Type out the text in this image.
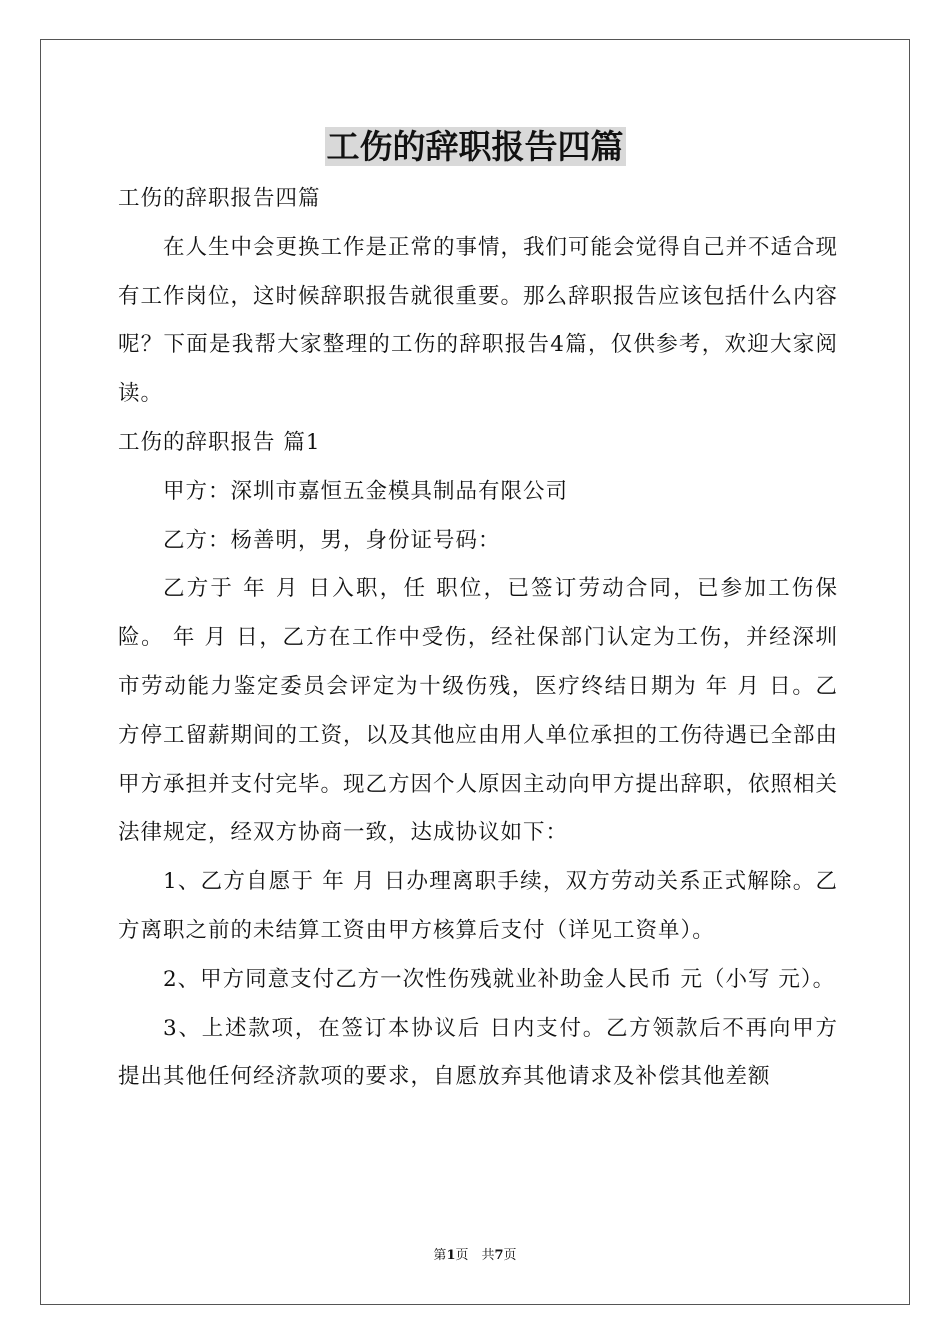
工伤的辞职报告四篇

工伤的辞职报告四篇

在人生中会更换工作是正常的事情，我们可能会觉得自己并不适合现有工作岗位，这时候辞职报告就很重要。那么辞职报告应该包括什么内容呢？下面是我帮大家整理的工伤的辞职报告4篇，仅供参考，欢迎大家阅读。

工伤的辞职报告 篇1

甲方：深圳市嘉恒五金模具制品有限公司

乙方：杨善明，男，身份证号码：

乙方于 年 月 日入职，任 职位，已签订劳动合同，已参加工伤保险。 年 月 日，乙方在工作中受伤，经社保部门认定为工伤，并经深圳市劳动能力鉴定委员会评定为十级伤残，医疗终结日期为 年 月 日。乙方停工留薪期间的工资，以及其他应由用人单位承担的工伤待遇已全部由甲方承担并支付完毕。现乙方因个人原因主动向甲方提出辞职，依照相关法律规定，经双方协商一致，达成协议如下：

1、乙方自愿于 年 月 日办理离职手续，双方劳动关系正式解除。乙方离职之前的未结算工资由甲方核算后支付（详见工资单）。

2、甲方同意支付乙方一次性伤残就业补助金人民币 元（小写 元）。

3、上述款项，在签订本协议后 日内支付。乙方领款后不再向甲方提出其他任何经济款项的要求，自愿放弃其他请求及补偿其他差额

第1页　共7页
